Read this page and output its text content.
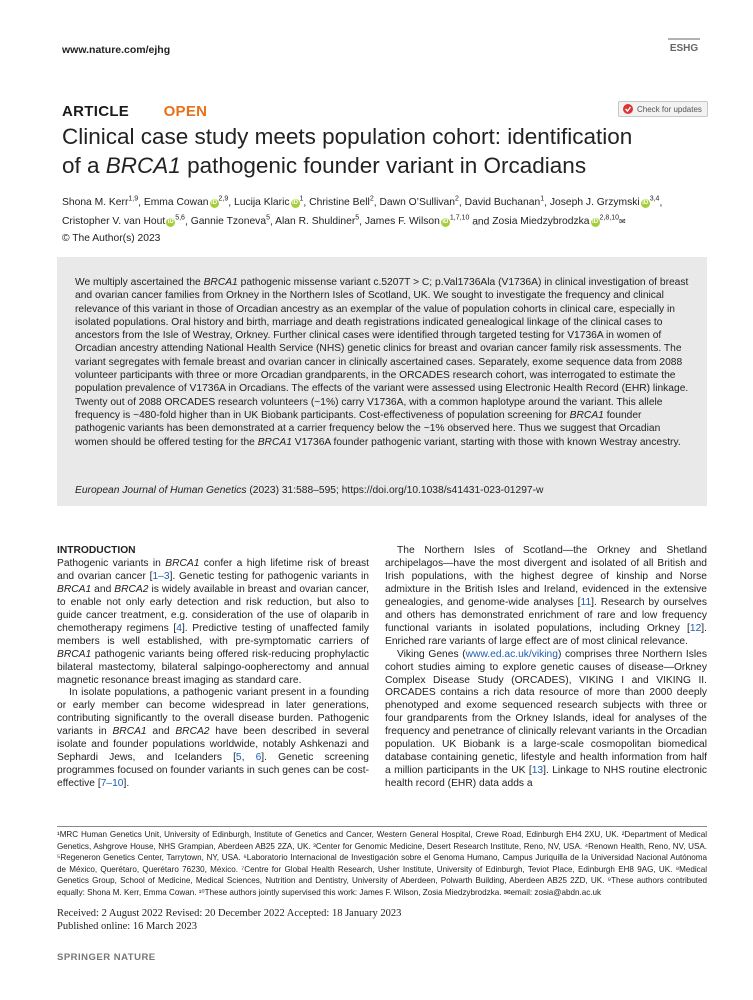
www.nature.com/ejhg	ESHG
ARTICLE OPEN	Check for updates
Clinical case study meets population cohort: identification
of a BRCA1 pathogenic founder variant in Orcadians
Shona M. Kerr$^{1,9}$, Emma Cowan iD$^{2,9}$, Lucija Klaric $iD^1$, Christine Bell$^2$, Dawn O’Sullivan$^2$, David Buchanan$^1$, Joseph J. Grzymski iD$^{3,4}$, Cristopher V. van Hout iD$^{5,6}$, Gannie Tzoneva$^5$, Alan R. Shuldiner$^5$, James F. Wilson iD$^{1,7,10}$ and Zosia Miedzybrodzka iD$^{2,8,10}$✉
© The Author(s) 2023
We multiply ascertained the BRCA1 pathogenic missense variant c.5207T > C; p.Val1736Ala (V1736A) in clinical investigation of breast and ovarian cancer families from Orkney in the Northern Isles of Scotland, UK. We sought to investigate the frequency and clinical relevance of this variant in those of Orcadian ancestry as an exemplar of the value of population cohorts in clinical care, especially in isolated populations. Oral history and birth, marriage and death registrations indicated genealogical linkage of the clinical cases to ancestors from the Isle of Westray, Orkney. Further clinical cases were identified through targeted testing for V1736A in women of Orcadian ancestry attending National Health Service (NHS) genetic clinics for breast and ovarian cancer family risk assessments. The variant segregates with female breast and ovarian cancer in clinically ascertained cases. Separately, exome sequence data from 2088 volunteer participants with three or more Orcadian grandparents, in the ORCADES research cohort, was interrogated to estimate the population prevalence of V1736A in Orcadians. The effects of the variant were assessed using Electronic Health Record (EHR) linkage. Twenty out of 2088 ORCADES research volunteers (~1%) carry V1736A, with a common haplotype around the variant. This allele frequency is ~480-fold higher than in UK Biobank participants. Cost-effectiveness of population screening for BRCA1 founder pathogenic variants has been demonstrated at a carrier frequency below the ~1% observed here. Thus we suggest that Orcadian women should be offered testing for the BRCA1 V1736A founder pathogenic variant, starting with those with known Westray ancestry.
European Journal of Human Genetics (2023) 31:588–595; https://doi.org/10.1038/s41431-023-01297-w

INTRODUCTION

Pathogenic variants in BRCA1 confer a high lifetime risk of breast and ovarian cancer [1–3]. Genetic testing for pathogenic variants in BRCA1 and BRCA2 is widely available in breast and ovarian cancer, to enable not only early detection and risk reduction, but also to guide cancer treatment, e.g. consideration of the use of olaparib in chemotherapy regimens [4]. Predictive testing of unaffected family members is well established, with pre-symptomatic carriers of BRCA1 pathogenic variants being offered risk-reducing prophylactic bilateral mastectomy, bilateral salpingo-oopherectomy and annual magnetic resonance breast imaging as standard care.

In isolate populations, a pathogenic variant present in a founding or early member can become widespread in later generations, contributing significantly to the overall disease burden. Pathogenic variants in BRCA1 and BRCA2 have been described in several isolate and founder populations worldwide, notably Ashkenazi and Sephardi Jews, and Icelanders [5, 6]. Genetic screening programmes focused on founder variants in such genes can be cost-effective [7–10].

The Northern Isles of Scotland—the Orkney and Shetland archipelagos—have the most divergent and isolated of all British and Irish populations, with the highest degree of kinship and Norse admixture in the British Isles and Ireland, evidenced in the extensive genealogies, and genome-wide analyses [11]. Research by ourselves and others has demonstrated enrichment of rare and low frequency functional variants in isolated populations, including Orkney [12]. Enriched rare variants of large effect are of most clinical relevance.

Viking Genes (www.ed.ac.uk/viking) comprises three Northern Isles cohort studies aiming to explore genetic causes of disease—Orkney Complex Disease Study (ORCADES), VIKING I and VIKING II. ORCADES contains a rich data resource of more than 2000 deeply phenotyped and exome sequenced research subjects with three or four grandparents from the Orkney Islands, ideal for analyses of the frequency and penetrance of clinically relevant variants in the Orcadian population. UK Biobank is a large-scale cosmopolitan biomedical database containing genetic, lifestyle and health information from half a million participants in the UK [13]. Linkage to NHS routine electronic health record (EHR) data adds a

¹MRC Human Genetics Unit, University of Edinburgh, Institute of Genetics and Cancer, Western General Hospital, Crewe Road, Edinburgh EH4 2XU, UK. ²Department of Medical Genetics, Ashgrove House, NHS Grampian, Aberdeen AB25 2ZA, UK. ³Center for Genomic Medicine, Desert Research Institute, Reno, NV, USA. ⁴Renown Health, Reno, NV, USA. ⁵Regeneron Genetics Center, Tarrytown, NY, USA. ⁶Laboratorio Internacional de Investigación sobre el Genoma Humano, Campus Juriquilla de la Universidad Nacional Autónoma de México, Querétaro, Querétaro 76230, México. ⁷Centre for Global Health Research, Usher Institute, University of Edinburgh, Teviot Place, Edinburgh EH8 9AG, UK. ⁸Medical Genetics Group, School of Medicine, Medical Sciences, Nutrition and Dentistry, University of Aberdeen, Polwarth Building, Aberdeen AB25 2ZD, UK. ⁹These authors contributed equally: Shona M. Kerr, Emma Cowan. ¹⁰These authors jointly supervised this work: James F. Wilson, Zosia Miedzybrodzka. ✉email: zosia@abdn.ac.uk
Received: 2 August 2022 Revised: 20 December 2022 Accepted: 18 January 2023
Published online: 16 March 2023
SPRINGER NATURE
